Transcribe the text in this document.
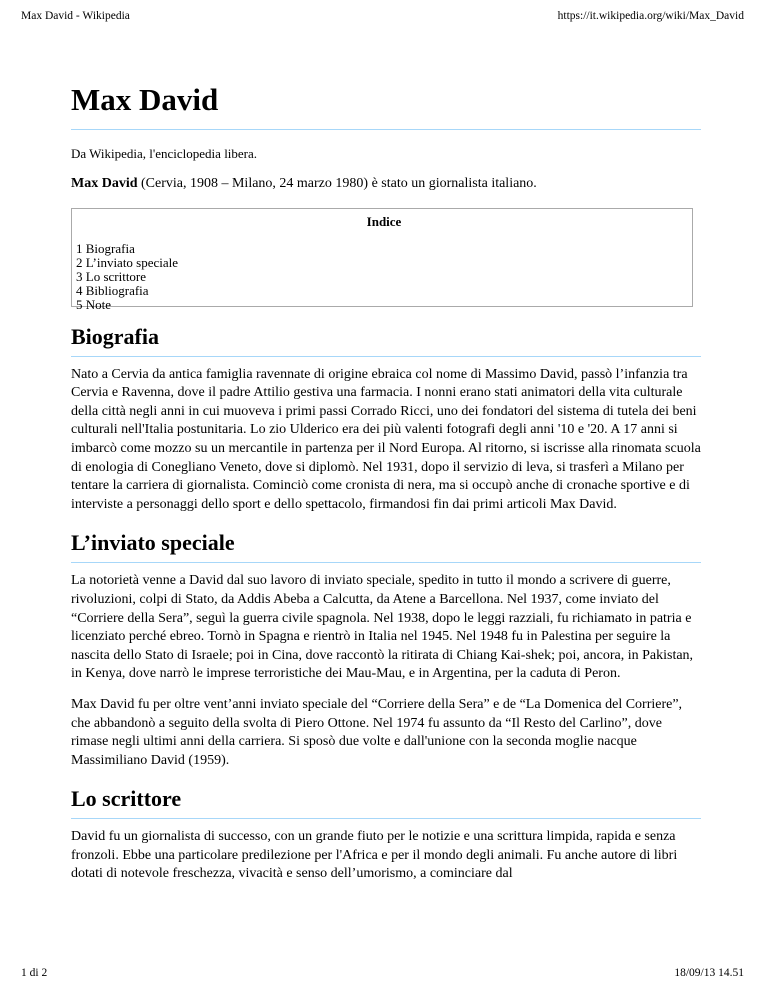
Max David - Wikipedia	https://it.wikipedia.org/wiki/Max_David
Max David
Da Wikipedia, l'enciclopedia libera.

Max David (Cervia, 1908 – Milano, 24 marzo 1980) è stato un giornalista italiano.

Indice
1 Biografia
2 L’inviato speciale
3 Lo scrittore
4 Bibliografia
5 Note
Biografia

Nato a Cervia da antica famiglia ravennate di origine ebraica col nome di Massimo David, passò l’infanzia tra Cervia e Ravenna, dove il padre Attilio gestiva una farmacia. I nonni erano stati animatori della vita culturale della città negli anni in cui muoveva i primi passi Corrado Ricci, uno dei fondatori del sistema di tutela dei beni culturali nell'Italia postunitaria. Lo zio Ulderico era dei più valenti fotografi degli anni '10 e '20. A 17 anni si imbarcò come mozzo su un mercantile in partenza per il Nord Europa. Al ritorno, si iscrisse alla rinomata scuola di enologia di Conegliano Veneto, dove si diplomò. Nel 1931, dopo il servizio di leva, si trasferì a Milano per tentare la carriera di giornalista. Cominciò come cronista di nera, ma si occupò anche di cronache sportive e di interviste a personaggi dello sport e dello spettacolo, firmandosi fin dai primi articoli Max David.

L’inviato speciale

La notorietà venne a David dal suo lavoro di inviato speciale, spedito in tutto il mondo a scrivere di guerre, rivoluzioni, colpi di Stato, da Addis Abeba a Calcutta, da Atene a Barcellona. Nel 1937, come inviato del “Corriere della Sera”, seguì la guerra civile spagnola. Nel 1938, dopo le leggi razziali, fu richiamato in patria e licenziato perché ebreo. Tornò in Spagna e rientrò in Italia nel 1945. Nel 1948 fu in Palestina per seguire la nascita dello Stato di Israele; poi in Cina, dove raccontò la ritirata di Chiang Kai-shek; poi, ancora, in Pakistan, in Kenya, dove narrò le imprese terroristiche dei Mau-Mau, e in Argentina, per la caduta di Peron.

Max David fu per oltre vent’anni inviato speciale del “Corriere della Sera” e de “La Domenica del Corriere”, che abbandonò a seguito della svolta di Piero Ottone. Nel 1974 fu assunto da “Il Resto del Carlino”, dove rimase negli ultimi anni della carriera. Si sposò due volte e dall'unione con la seconda moglie nacque Massimiliano David (1959).

Lo scrittore

David fu un giornalista di successo, con un grande fiuto per le notizie e una scrittura limpida, rapida e senza fronzoli. Ebbe una particolare predilezione per l'Africa e per il mondo degli animali. Fu anche autore di libri dotati di notevole freschezza, vivacità e senso dell’umorismo, a cominciare dal

1 di 2	18/09/13 14.51
